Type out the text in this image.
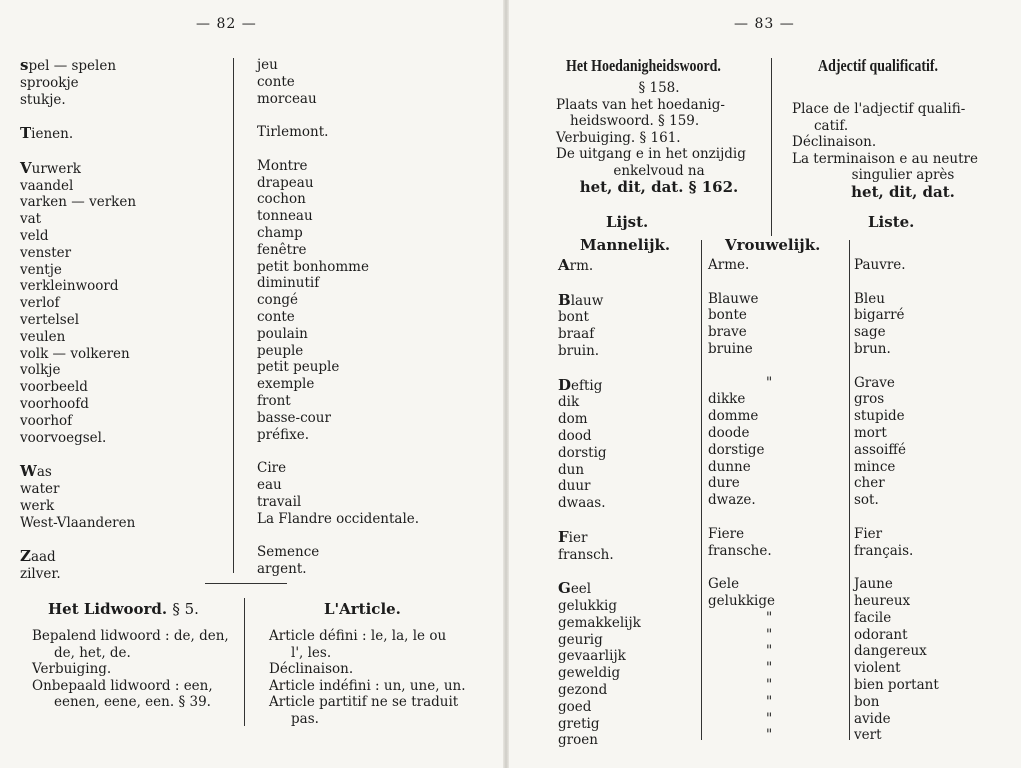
— 82 —
spel — spelen
sprookje
stukje.
Tienen.
Vurwerk
vaandel
varken — verken
vat
veld
venster
ventje
verkleinwoord
verlof
vertelsel
veulen
volk — volkeren
volkje
voorbeeld
voorhoofd
voorhof
voorvoegsel.
Was
water
werk
West-Vlaanderen
Zaad
zilver.
jeu
conte
morceau
Tirlemont.
Montre
drapeau
cochon
tonneau
champ
fenêtre
petit bonhomme
diminutif
congé
conte
poulain
peuple
petit peuple
exemple
front
basse-cour
préfixe.
Cire
eau
travail
La Flandre occidentale.
Semence
argent.
Het Lidwoord. § 5.
Bepalend lidwoord : de, den,
de, het, de.
Verbuiging.
Onbepaald lidwoord : een,
eenen, eene, een. § 39.
L'Article.
Article défini : le, la, le ou
l', les.
Déclinaison.
Article indéfini : un, une, un.
Article partitif ne se traduit
pas.
— 83 —
Het Hoedanigheidswoord.
§ 158.
Plaats van het hoedanig-
heidswoord. § 159.
Verbuiging. § 161.
De uitgang e in het onzijdig
enkelvoud na
het, dit, dat. § 162.
Lijst.
Adjectif qualificatif.
Place de l'adjectif qualifi-
catif.
Déclinaison.
La terminaison e au neutre
singulier après
het, dit, dat.
Liste.
Mannelijk.	Vrouwelijk.
Arm.
Blauw
bont
braaf
bruin.
Deftig
dik
dom
dood
dorstig
dun
duur
dwaas.
Fier
fransch.
Geel
gelukkig
gemakkelijk
geurig
gevaarlijk
geweldig
gezond
goed
gretig
groen
Arme.
Blauwe
bonte
brave
bruine
"
dikke
domme
doode
dorstige
dunne
dure
dwaze.
Fiere
fransche.
Gele
gelukkige
"
"
"
"
"
"
"
"
Pauvre.
Bleu
bigarré
sage
brun.
Grave
gros
stupide
mort
assoiffé
mince
cher
sot.
Fier
français.
Jaune
heureux
facile
odorant
dangereux
violent
bien portant
bon
avide
vert
